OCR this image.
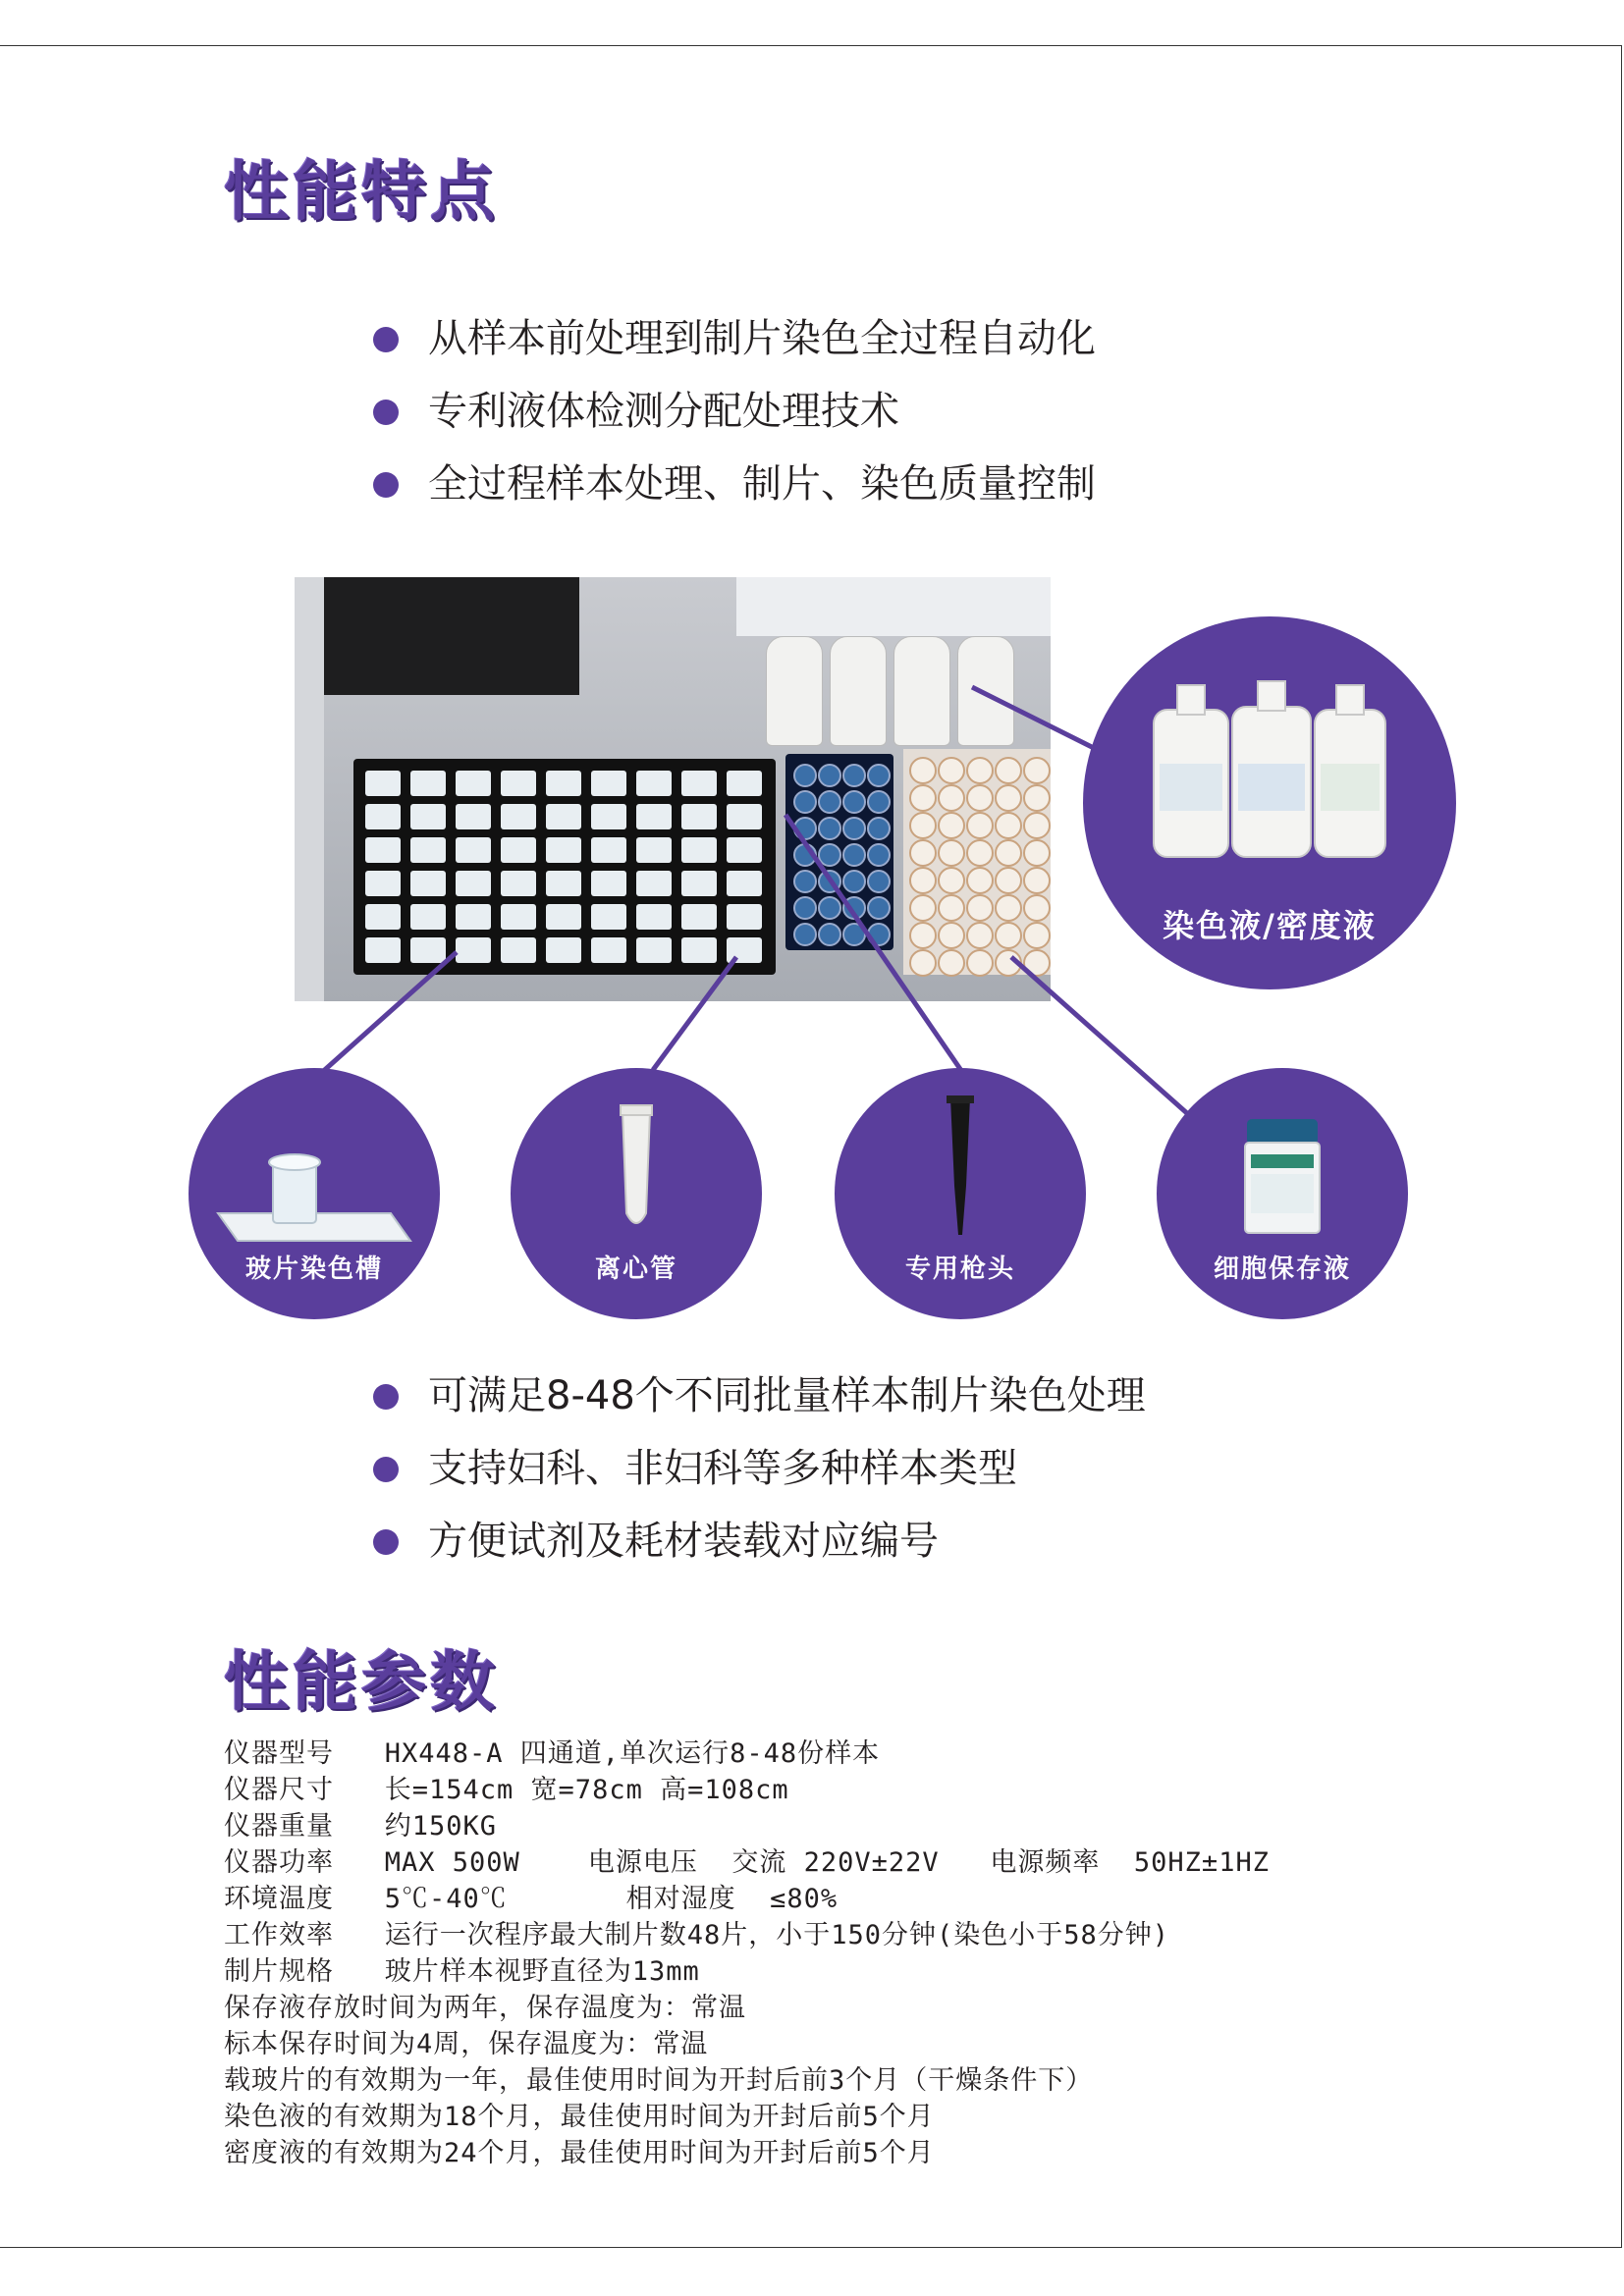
性能特点
从样本前处理到制片染色全过程自动化
专利液体检测分配处理技术
全过程样本处理、制片、染色质量控制
染色液/密度液
玻片染色槽	离心管	专用枪头	细胞保存液
可满足8-48个不同批量样本制片染色处理
支持妇科、非妇科等多种样本类型
方便试剂及耗材装载对应编号
性能参数
仪器型号   HX448-A 四通道,单次运行8-48份样本
仪器尺寸   长=154cm 宽=78cm 高=108cm
仪器重量   约150KG
仪器功率   MAX 500W    电源电压  交流 220V±22V   电源频率  50HZ±1HZ
环境温度   5℃-40℃       相对湿度  ≤80%
工作效率   运行一次程序最大制片数48片，小于150分钟(染色小于58分钟)
制片规格   玻片样本视野直径为13mm
保存液存放时间为两年，保存温度为：常温
标本保存时间为4周，保存温度为：常温
载玻片的有效期为一年，最佳使用时间为开封后前3个月（干燥条件下）
染色液的有效期为18个月，最佳使用时间为开封后前5个月
密度液的有效期为24个月，最佳使用时间为开封后前5个月
